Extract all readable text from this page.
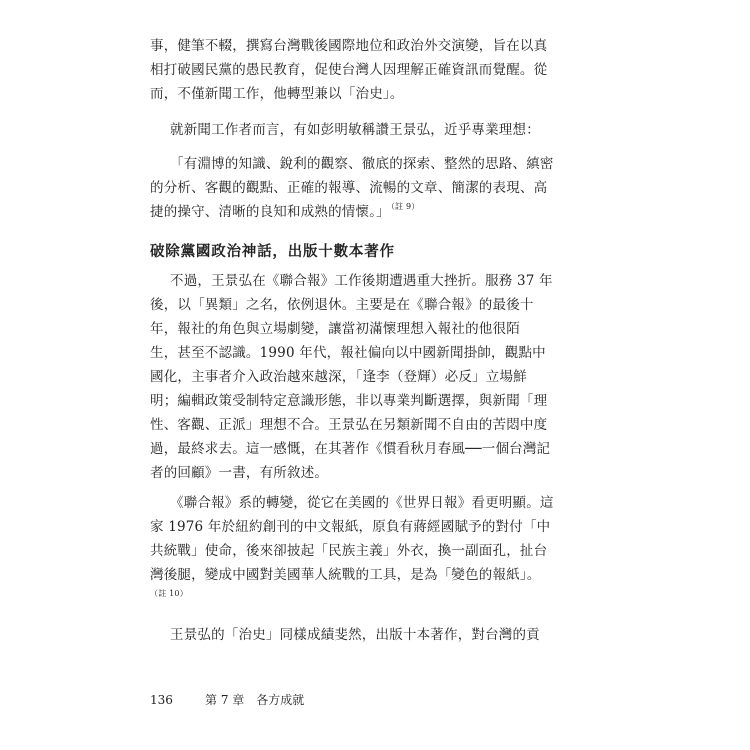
事，健筆不輟，撰寫台灣戰後國際地位和政治外交演變，旨在以真
相打破國民黨的愚民教育，促使台灣人因理解正確資訊而覺醒。從
而，不僅新聞工作，他轉型兼以「治史」。
就新聞工作者而言，有如彭明敏稱讚王景弘，近乎專業理想：
「有淵博的知識、銳利的觀察、徹底的探索、整然的思路、縝密
的分析、客觀的觀點、正確的報導、流暢的文章、簡潔的表現、高
捷的操守、清晰的良知和成熟的情懷。」$^{(註 9)}$
破除黨國政治神話，出版十數本著作
不過，王景弘在《聯合報》工作後期遭遇重大挫折。服務 37 年
後，以「異類」之名，依例退休。主要是在《聯合報》的最後十
年，報社的角色與立場劇變，讓當初滿懷理想入報社的他很陌
生，甚至不認識。1990 年代，報社偏向以中國新聞掛帥，觀點中
國化，主事者介入政治越來越深，「逢李（登輝）必反」立場鮮
明；編輯政策受制特定意識形態，非以專業判斷選擇，與新聞「理
性、客觀、正派」理想不合。王景弘在另類新聞不自由的苦悶中度
過，最終求去。這一感慨，在其著作《慣看秋月春風──一個台灣記
者的回顧》一書，有所敘述。
《聯合報》系的轉變，從它在美國的《世界日報》看更明顯。這
家 1976 年於紐約創刊的中文報紙，原負有蔣經國賦予的對付「中
共統戰」使命，後來卻披起「民族主義」外衣，換一副面孔，扯台
灣後腿，變成中國對美國華人統戰的工具，是為「變色的報紙」。
（註 10）
王景弘的「治史」同樣成績斐然，出版十本著作，對台灣的貢
136	第 7 章 各方成就
